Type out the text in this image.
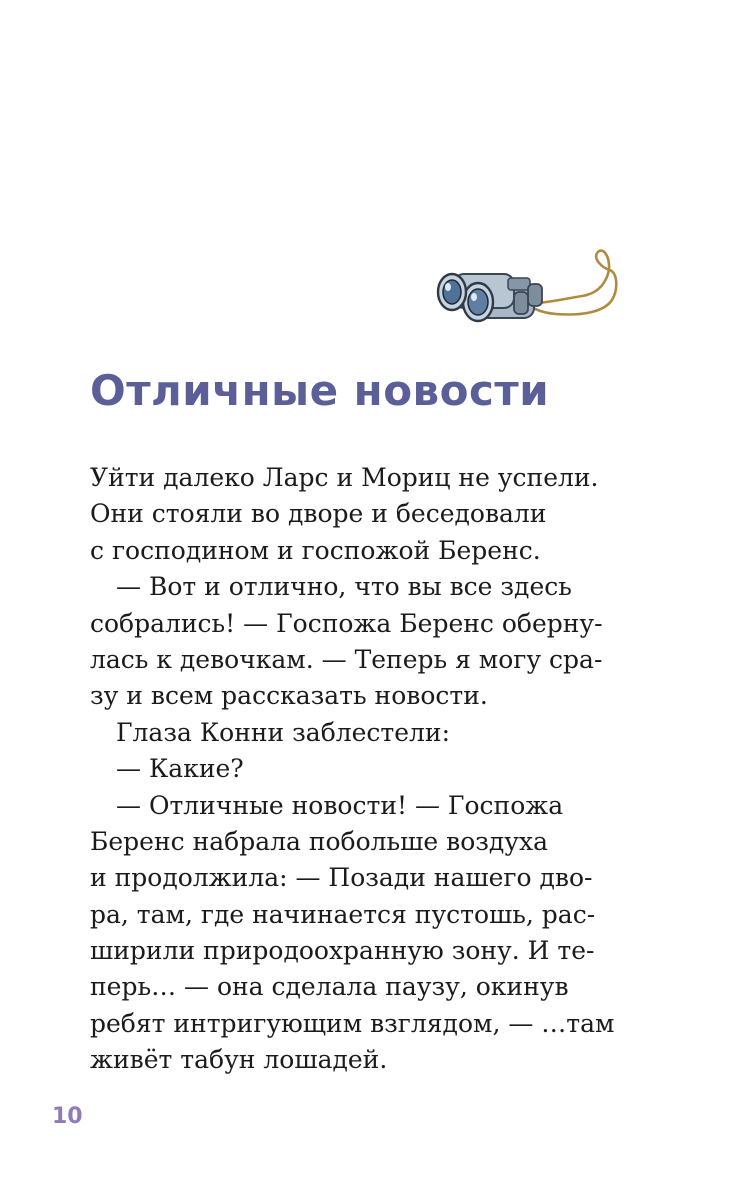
Отличные новости
Уйти далеко Ларс и Мориц не успели.
Они стояли во дворе и беседовали
с господином и госпожой Беренс.
— Вот и отлично, что вы все здесь
собрались! — Госпожа Беренс оберну-
лась к девочкам. — Теперь я могу сра-
зу и всем рассказать новости.
Глаза Конни заблестели:
— Какие?
— Отличные новости! — Госпожа
Беренс набрала побольше воздуха
и продолжила: — Позади нашего дво-
ра, там, где начинается пустошь, рас-
ширили природоохранную зону. И те-
перь… — она сделала паузу, окинув
ребят интригующим взглядом, — …там
живёт табун лошадей.
10
